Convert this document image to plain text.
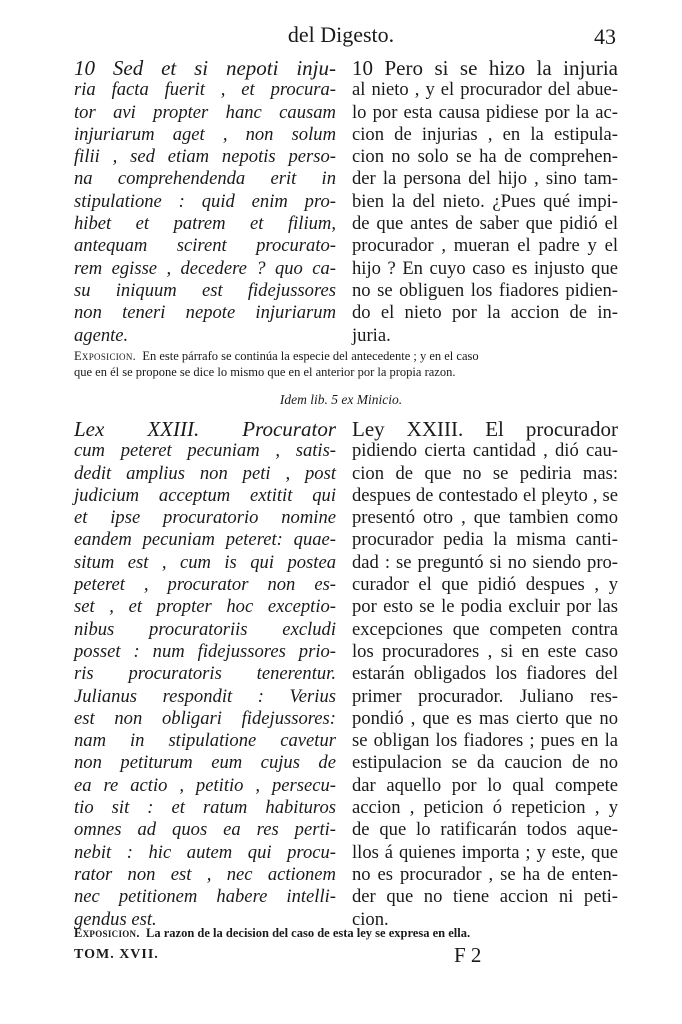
del Digesto.	43
10 Sed et si nepoti inju-
ria facta fuerit , et procura-
tor avi propter hanc causam
injuriarum aget , non solum
filii , sed etiam nepotis perso-
na comprehendenda erit in
stipulatione : quid enim pro-
hibet et patrem et filium,
antequam scirent procurato-
rem egisse , decedere ? quo ca-
su iniquum est fidejussores
non teneri nepote injuriarum
agente.
10 Pero si se hizo la injuria
al nieto , y el procurador del abue-
lo por esta causa pidiese por la ac-
cion de injurias , en la estipula-
cion no solo se ha de comprehen-
der la persona del hijo , sino tam-
bien la del nieto. ¿Pues qué impi-
de que antes de saber que pidió el
procurador , mueran el padre y el
hijo ? En cuyo caso es injusto que
no se obliguen los fiadores pidien-
do el nieto por la accion de in-
juria.
Exposicion. En este párrafo se continúa la especie del antecedente ; y en el caso
que en él se propone se dice lo mismo que en el anterior por la propia razon.
Idem lib. 5 ex Minicio.
Lex XXIII. Procurator
cum peteret pecuniam , satis-
dedit amplius non peti , post
judicium acceptum extitit qui
et ipse procuratorio nomine
eandem pecuniam peteret: quae-
situm est , cum is qui postea
peteret , procurator non es-
set , et propter hoc exceptio-
nibus procuratoriis excludi
posset : num fidejussores prio-
ris procuratoris tenerentur.
Julianus respondit : Verius
est non obligari fidejussores:
nam in stipulatione cavetur
non petiturum eum cujus de
ea re actio , petitio , persecu-
tio sit : et ratum habituros
omnes ad quos ea res perti-
nebit : hic autem qui procu-
rator non est , nec actionem
nec petitionem habere intelli-
gendus est.
Ley XXIII. El procurador
pidiendo cierta cantidad , dió cau-
cion de que no se pediria mas:
despues de contestado el pleyto , se
presentó otro , que tambien como
procurador pedia la misma canti-
dad : se preguntó si no siendo pro-
curador el que pidió despues , y
por esto se le podia excluir por las
excepciones que competen contra
los procuradores , si en este caso
estarán obligados los fiadores del
primer procurador. Juliano res-
pondió , que es mas cierto que no
se obligan los fiadores ; pues en la
estipulacion se da caucion de no
dar aquello por lo qual compete
accion , peticion ó repeticion , y
de que lo ratificarán todos aque-
llos á quienes importa ; y este, que
no es procurador , se ha de enten-
der que no tiene accion ni peti-
cion.
Exposicion. La razon de la decision del caso de esta ley se expresa en ella.
TOM. XVII.	F 2
